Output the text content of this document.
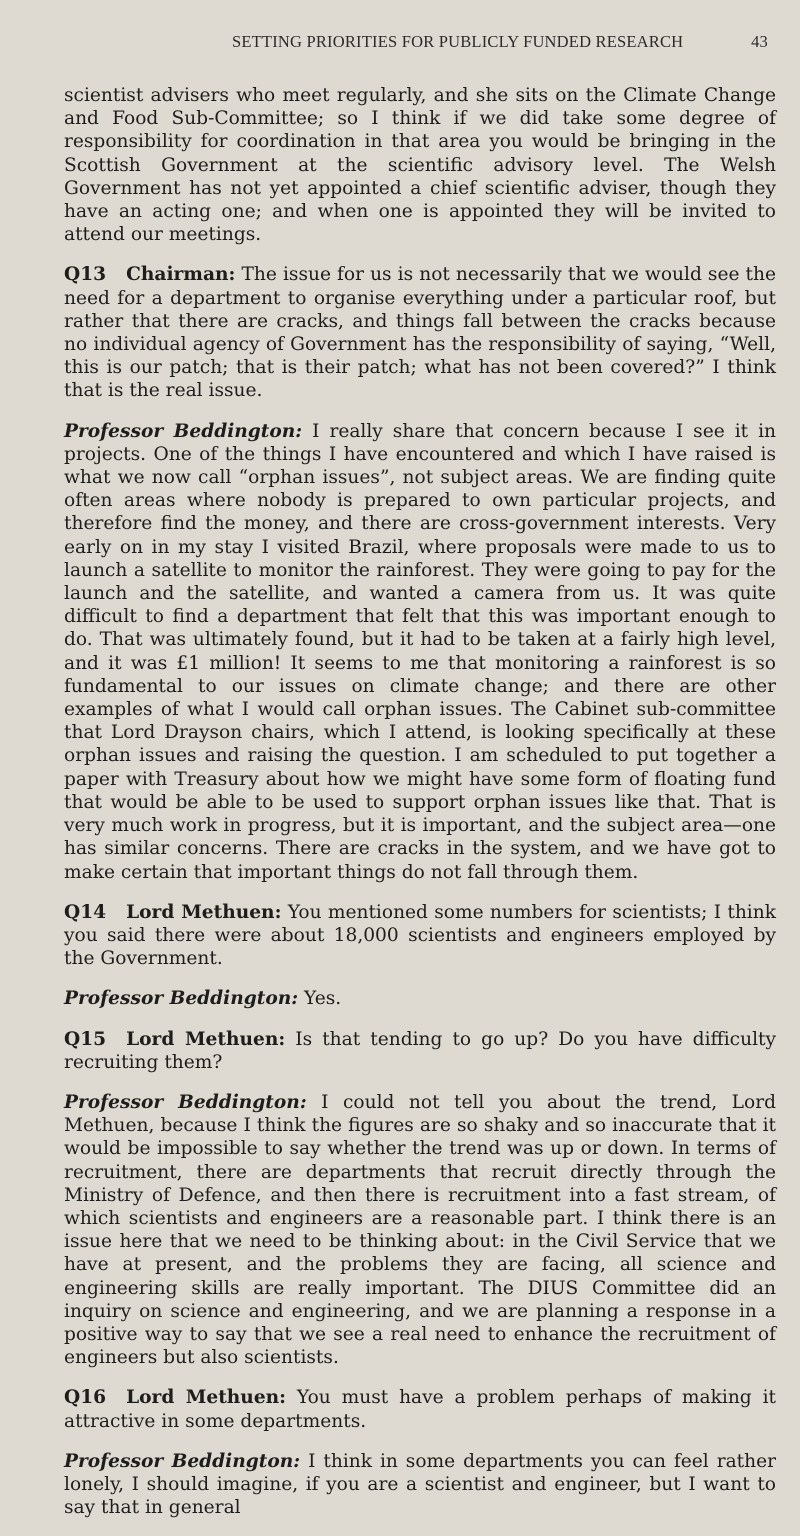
SETTING PRIORITIES FOR PUBLICLY FUNDED RESEARCH	43

scientist advisers who meet regularly, and she sits on the Climate Change and Food Sub-Committee; so I think if we did take some degree of responsibility for coordination in that area you would be bringing in the Scottish Government at the scientific advisory level. The Welsh Government has not yet appointed a chief scientific adviser, though they have an acting one; and when one is appointed they will be invited to attend our meetings.

Q13 Chairman: The issue for us is not necessarily that we would see the need for a department to organise everything under a particular roof, but rather that there are cracks, and things fall between the cracks because no individual agency of Government has the responsibility of saying, “Well, this is our patch; that is their patch; what has not been covered?” I think that is the real issue.

Professor Beddington: I really share that concern because I see it in projects. One of the things I have encountered and which I have raised is what we now call “orphan issues”, not subject areas. We are finding quite often areas where nobody is prepared to own particular projects, and therefore find the money, and there are cross-government interests. Very early on in my stay I visited Brazil, where proposals were made to us to launch a satellite to monitor the rainforest. They were going to pay for the launch and the satellite, and wanted a camera from us. It was quite difficult to find a department that felt that this was important enough to do. That was ultimately found, but it had to be taken at a fairly high level, and it was £1 million! It seems to me that monitoring a rainforest is so fundamental to our issues on climate change; and there are other examples of what I would call orphan issues. The Cabinet sub-committee that Lord Drayson chairs, which I attend, is looking specifically at these orphan issues and raising the question. I am scheduled to put together a paper with Treasury about how we might have some form of floating fund that would be able to be used to support orphan issues like that. That is very much work in progress, but it is important, and the subject area—one has similar concerns. There are cracks in the system, and we have got to make certain that important things do not fall through them.

Q14 Lord Methuen: You mentioned some numbers for scientists; I think you said there were about 18,000 scientists and engineers employed by the Government.

Professor Beddington: Yes.

Q15 Lord Methuen: Is that tending to go up? Do you have difficulty recruiting them?

Professor Beddington: I could not tell you about the trend, Lord Methuen, because I think the figures are so shaky and so inaccurate that it would be impossible to say whether the trend was up or down. In terms of recruitment, there are departments that recruit directly through the Ministry of Defence, and then there is recruitment into a fast stream, of which scientists and engineers are a reasonable part. I think there is an issue here that we need to be thinking about: in the Civil Service that we have at present, and the problems they are facing, all science and engineering skills are really important. The DIUS Committee did an inquiry on science and engineering, and we are planning a response in a positive way to say that we see a real need to enhance the recruitment of engineers but also scientists.

Q16 Lord Methuen: You must have a problem perhaps of making it attractive in some departments.

Professor Beddington: I think in some departments you can feel rather lonely, I should imagine, if you are a scientist and engineer, but I want to say that in general
